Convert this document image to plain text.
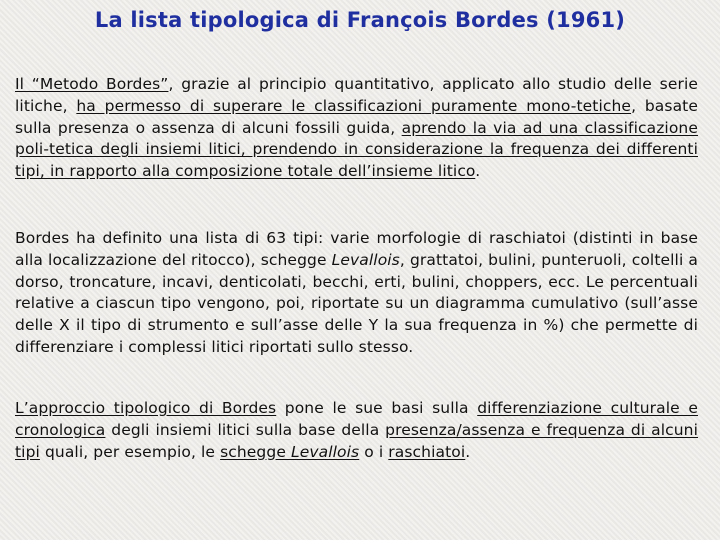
La lista tipologica di François Bordes (1961)
Il “Metodo Bordes”, grazie al principio quantitativo, applicato allo studio delle serie litiche, ha permesso di superare le classificazioni puramente mono-tetiche, basate sulla presenza o assenza di alcuni fossili guida, aprendo la via ad una classificazione poli-tetica degli insiemi litici, prendendo in considerazione la frequenza dei differenti tipi, in rapporto alla composizione totale dell’insieme litico.
Bordes ha definito una lista di 63 tipi: varie morfologie di raschiatoi (distinti in base alla localizzazione del ritocco), schegge Levallois, grattatoi, bulini, punteruoli, coltelli a dorso, troncature, incavi, denticolati, becchi, erti, bulini, choppers, ecc. Le percentuali relative a ciascun tipo vengono, poi, riportate su un diagramma cumulativo (sull’asse delle X il tipo di strumento e sull’asse delle Y la sua frequenza in %) che permette di differenziare i complessi litici riportati sullo stesso.
L’approccio tipologico di Bordes pone le sue basi sulla differenziazione culturale e cronologica degli insiemi litici sulla base della presenza/assenza e frequenza di alcuni tipi quali, per esempio, le schegge Levallois o i raschiatoi.
